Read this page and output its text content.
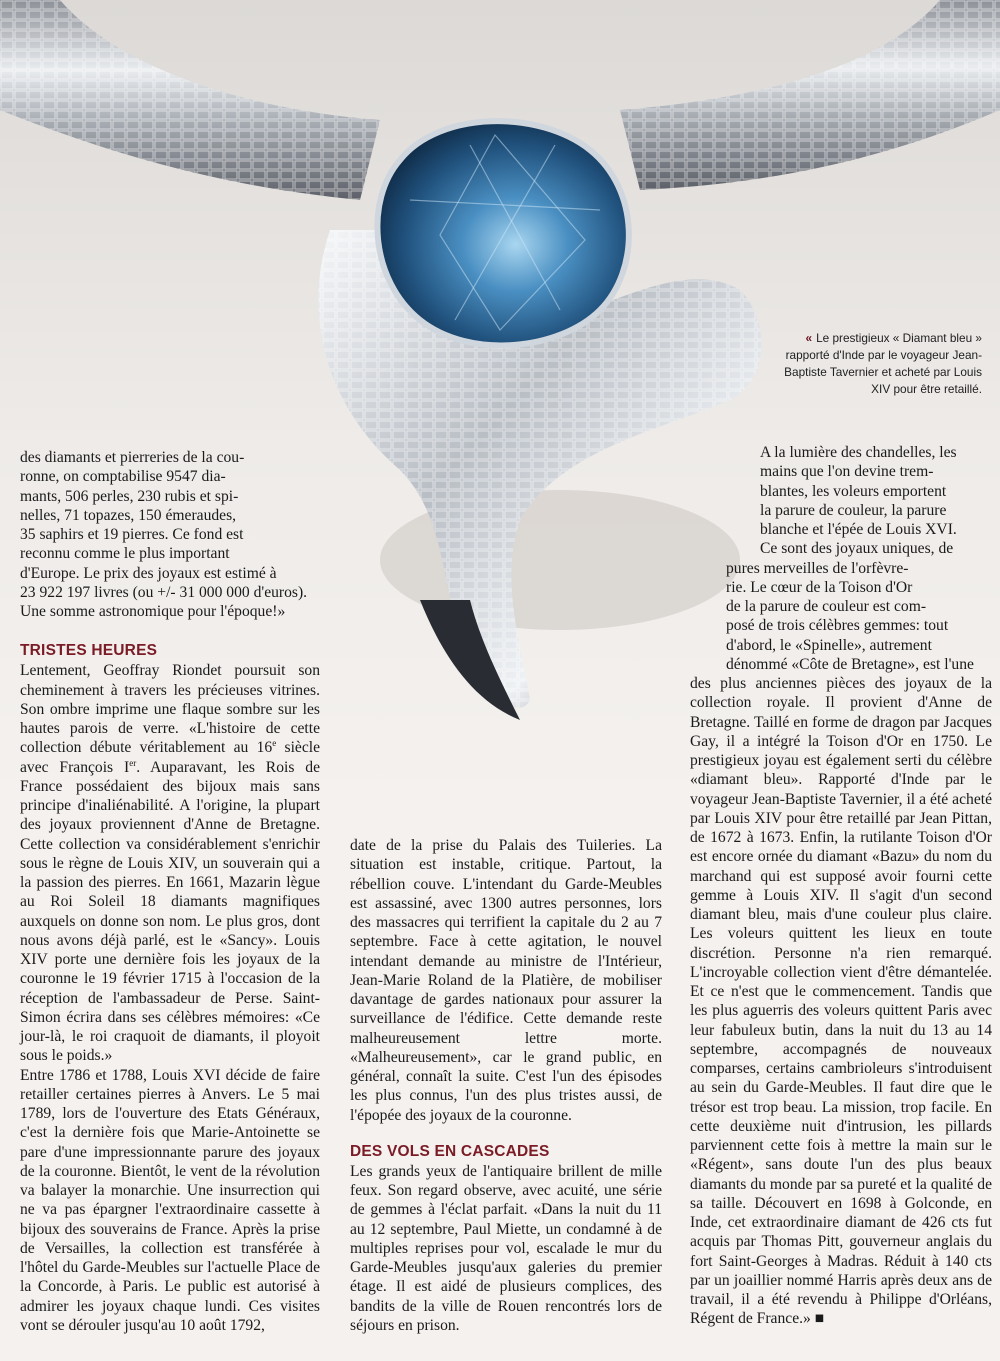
« Le prestigieux « Diamant bleu » rapporté d'Inde par le voyageur Jean-Baptiste Tavernier et acheté par Louis XIV pour être retaillé.
des diamants et pierreries de la cou-
ronne, on comptabilise 9547 dia-
mants, 506 perles, 230 rubis et spi-
nelles, 71 topazes, 150 émeraudes,
35 saphirs et 19 pierres. Ce fond est
reconnu comme le plus important
d'Europe. Le prix des joyaux est estimé à
23 922 197 livres (ou +/- 31 000 000 d'euros).
Une somme astronomique pour l'époque!»
TRISTES HEURES

Lentement, Geoffray Riondet poursuit son cheminement à travers les précieuses vitrines. Son ombre imprime une flaque sombre sur les hautes parois de verre. «L'histoire de cette collection débute véritablement au 16e siècle avec François Ier. Auparavant, les Rois de France possédaient des bijoux mais sans principe d'inaliénabilité. A l'origine, la plupart des joyaux proviennent d'Anne de Bretagne. Cette collection va considérablement s'enrichir sous le règne de Louis XIV, un souverain qui a la passion des pierres. En 1661, Mazarin lègue au Roi Soleil 18 diamants magnifiques auxquels on donne son nom. Le plus gros, dont nous avons déjà parlé, est le «Sancy». Louis XIV porte une dernière fois les joyaux de la couronne le 19 février 1715 à l'occasion de la réception de l'ambassadeur de Perse. Saint-Simon écrira dans ses célèbres mémoires: «Ce jour-là, le roi craquoit de diamants, il ployoit sous le poids.»

Entre 1786 et 1788, Louis XVI décide de faire retailler certaines pierres à Anvers. Le 5 mai 1789, lors de l'ouverture des Etats Généraux, c'est la dernière fois que Marie-Antoinette se pare d'une impressionnante parure des joyaux de la couronne. Bientôt, le vent de la révolution va balayer la monarchie. Une insurrection qui ne va pas épargner l'extraordinaire cassette à bijoux des souverains de France. Après la prise de Versailles, la collection est transférée à l'hôtel du Garde-Meubles sur l'actuelle Place de la Concorde, à Paris. Le public est autorisé à admirer les joyaux chaque lundi. Ces visites vont se dérouler jusqu'au 10 août 1792,

date de la prise du Palais des Tuileries. La situation est instable, critique. Partout, la rébellion couve. L'intendant du Garde-Meubles est assassiné, avec 1300 autres personnes, lors des massacres qui terrifient la capitale du 2 au 7 septembre. Face à cette agitation, le nouvel intendant demande au ministre de l'Intérieur, Jean-Marie Roland de la Platière, de mobiliser davantage de gardes nationaux pour assurer la surveillance de l'édifice. Cette demande reste malheureusement lettre morte. «Malheureusement», car le grand public, en général, connaît la suite. C'est l'un des épisodes les plus connus, l'un des plus tristes aussi, de l'épopée des joyaux de la couronne.

DES VOLS EN CASCADES

Les grands yeux de l'antiquaire brillent de mille feux. Son regard observe, avec acuité, une série de gemmes à l'éclat parfait. «Dans la nuit du 11 au 12 septembre, Paul Miette, un condamné à de multiples reprises pour vol, escalade le mur du Garde-Meubles jusqu'aux galeries du premier étage. Il est aidé de plusieurs complices, des bandits de la ville de Rouen rencontrés lors de séjours en prison.

A la lumière des chandelles, les
mains que l'on devine trem-
blantes, les voleurs emportent
la parure de couleur, la parure
blanche et l'épée de Louis XVI.
Ce sont des joyaux uniques, de
pures merveilles de l'orfèvre-
rie. Le cœur de la Toison d'Or
de la parure de couleur est com-
posé de trois célèbres gemmes: tout
d'abord, le «Spinelle», autrement
dénommé «Côte de Bretagne», est l'une

des plus anciennes pièces des joyaux de la collection royale. Il provient d'Anne de Bretagne. Taillé en forme de dragon par Jacques Gay, il a intégré la Toison d'Or en 1750. Le prestigieux joyau est également serti du célèbre «diamant bleu». Rapporté d'Inde par le voyageur Jean-Baptiste Tavernier, il a été acheté par Louis XIV pour être retaillé par Jean Pittan, de 1672 à 1673. Enfin, la rutilante Toison d'Or est encore ornée du diamant «Bazu» du nom du marchand qui est supposé avoir fourni cette gemme à Louis XIV. Il s'agit d'un second diamant bleu, mais d'une couleur plus claire. Les voleurs quittent les lieux en toute discrétion. Personne n'a rien remarqué. L'incroyable collection vient d'être démantelée. Et ce n'est que le commencement. Tandis que les plus aguerris des voleurs quittent Paris avec leur fabuleux butin, dans la nuit du 13 au 14 septembre, accompagnés de nouveaux comparses, certains cambrioleurs s'introduisent au sein du Garde-Meubles. Il faut dire que le trésor est trop beau. La mission, trop facile. En cette deuxième nuit d'intrusion, les pillards parviennent cette fois à mettre la main sur le «Régent», sans doute l'un des plus beaux diamants du monde par sa pureté et la qualité de sa taille. Découvert en 1698 à Golconde, en Inde, cet extraordinaire diamant de 426 cts fut acquis par Thomas Pitt, gouverneur anglais du fort Saint-Georges à Madras. Réduit à 140 cts par un joaillier nommé Harris après deux ans de travail, il a été revendu à Philippe d'Orléans, Régent de France.» ■
